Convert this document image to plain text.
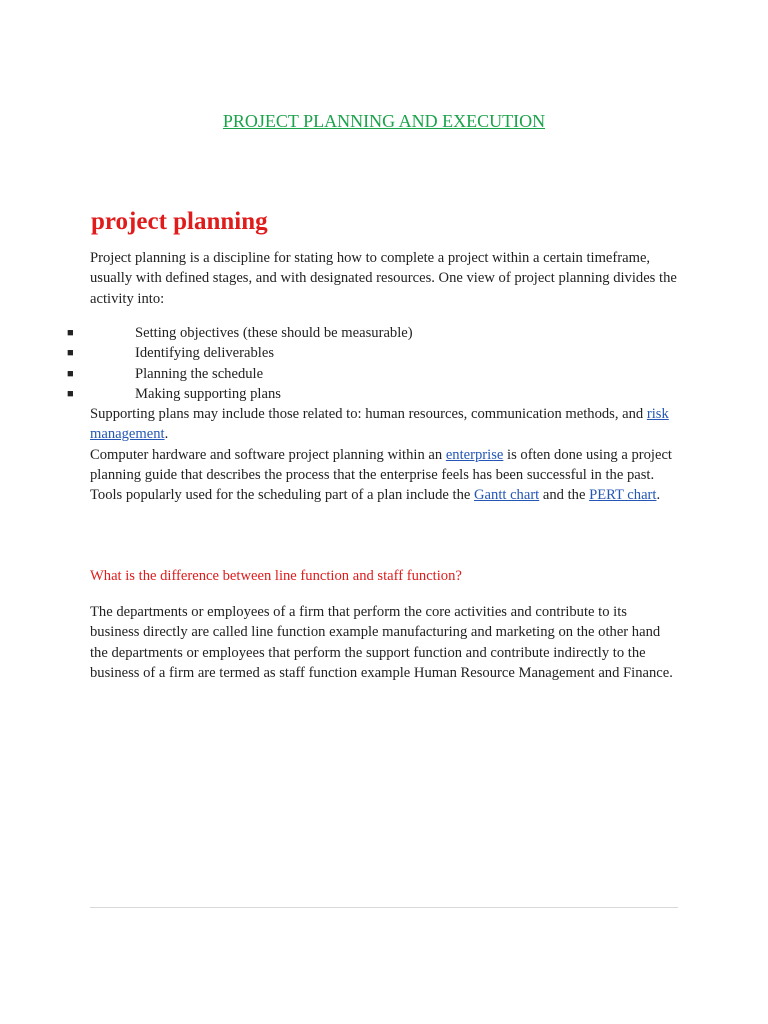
PROJECT PLANNING AND EXECUTION
project planning

Project planning is a discipline for stating how to complete a project within a certain timeframe, usually with defined stages, and with designated resources. One view of project planning divides the activity into:

■	Setting objectives (these should be measurable)
■	Identifying deliverables
■	Planning the schedule
■	Making supporting plans

Supporting plans may include those related to: human resources, communication methods, and risk management.

Computer hardware and software project planning within an enterprise is often done using a project planning guide that describes the process that the enterprise feels has been successful in the past.

Tools popularly used for the scheduling part of a plan include the Gantt chart and the PERT chart.

What is the difference between line function and staff function?

The departments or employees of a firm that perform the core activities and contribute to its business directly are called line function example manufacturing and marketing on the other hand the departments or employees that perform the support function and contribute indirectly to the business of a firm are termed as staff function example Human Resource Management and Finance.
